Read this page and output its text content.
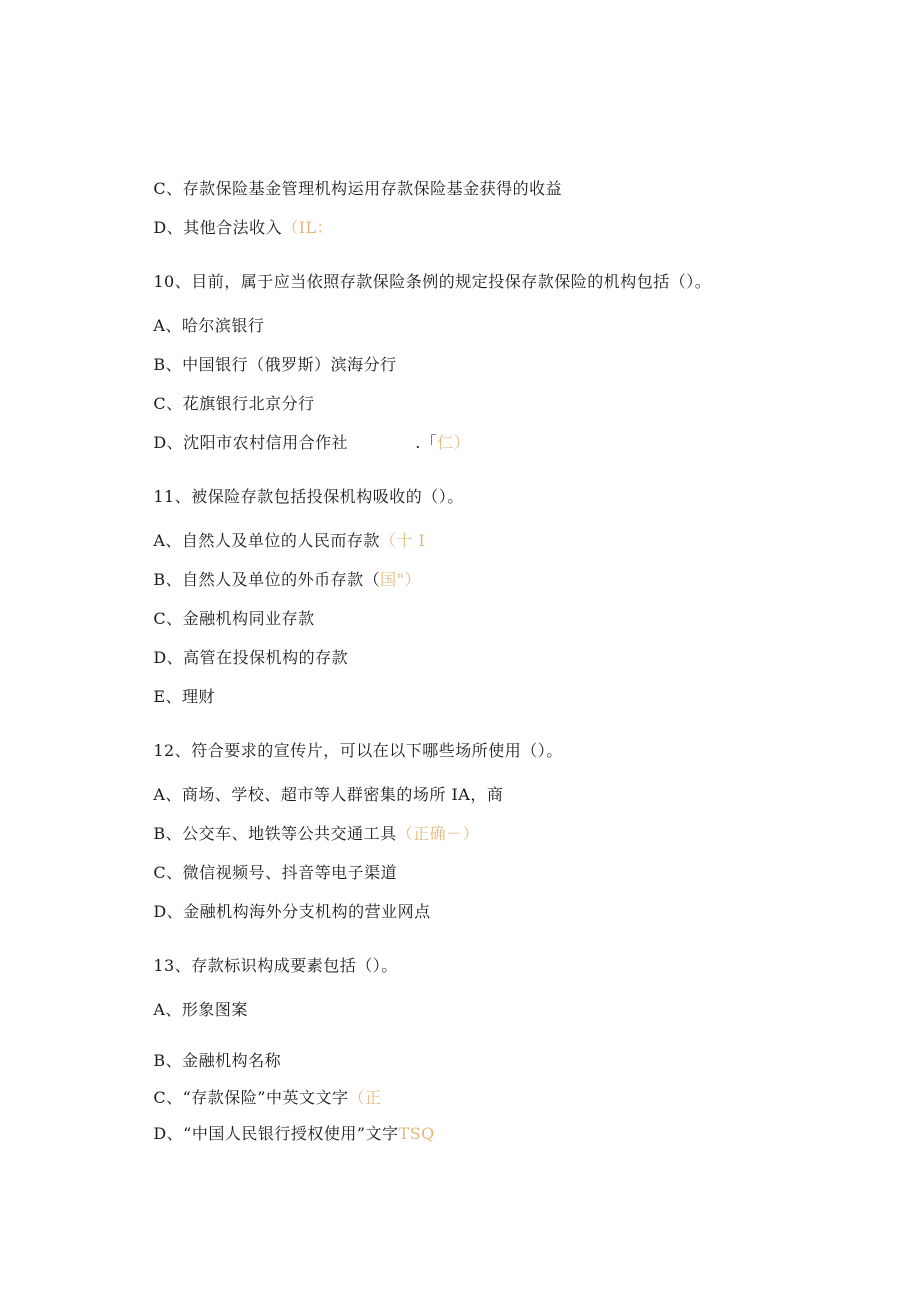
C、存款保险基金管理机构运用存款保险基金获得的收益

D、其他合法收入（IL：

10、目前，属于应当依照存款保险条例的规定投保存款保险的机构包括（）。

A、哈尔滨银行

B、中国银行（俄罗斯）滨海分行

C、花旗银行北京分行

D、沈阳市农村信用合作社            .「仁）

11、被保险存款包括投保机构吸收的（）。

A、自然人及单位的人民而存款（十 I

B、自然人及单位的外币存款（国"）

C、金融机构同业存款

D、高管在投保机构的存款

E、理财

12、符合要求的宣传片，可以在以下哪些场所使用（）。

A、商场、学校、超市等人群密集的场所 IA，商

B、公交车、地铁等公共交通工具（正确－）

C、微信视频号、抖音等电子渠道

D、金融机构海外分支机构的营业网点

13、存款标识构成要素包括（）。

A、形象图案

B、金融机构名称

C、“存款保险”中英文文字（正

D、“中国人民银行授权使用”文字TSQ
